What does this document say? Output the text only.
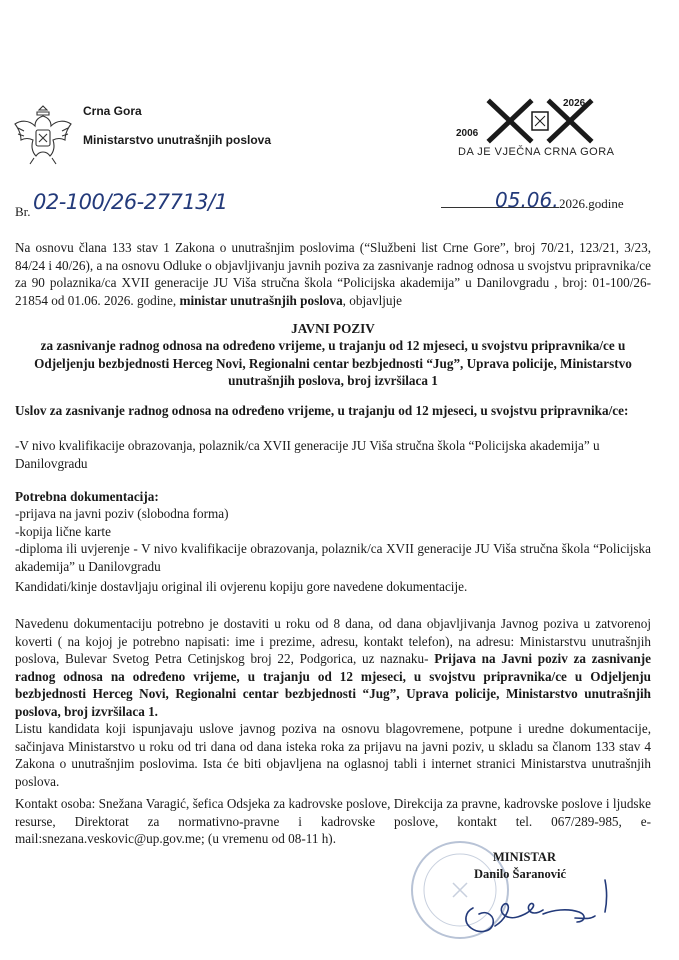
Crna Gora
Ministarstvo unutrašnjih poslova
2026
2006
DA JE VJEČNA CRNA GORA
Br. 02-100/26-27713/1	05.06. 2026.godine
Na osnovu člana 133 stav 1 Zakona o unutrašnjim poslovima (“Službeni list Crne Gore”, broj 70/21, 123/21, 3/23, 84/24 i 40/26), a na osnovu Odluke o objavljivanju javnih poziva za zasnivanje radnog odnosa u svojstvu pripravnika/ce za 90 polaznika/ca XVII generacije JU Viša stručna škola “Policijska akademija” u Danilovgradu , broj: 01-100/26-21854 od 01.06. 2026. godine, ministar unutrašnjih poslova, objavljuje
JAVNI POZIV
za zasnivanje radnog odnosa na određeno vrijeme, u trajanju od 12 mjeseci, u svojstvu pripravnika/ce u Odjeljenju bezbjednosti Herceg Novi, Regionalni centar bezbjednosti “Jug”, Uprava policije, Ministarstvo unutrašnjih poslova, broj izvršilaca 1
Uslov za zasnivanje radnog odnosa na određeno vrijeme, u trajanju od 12 mjeseci, u svojstvu pripravnika/ce:
-V nivo kvalifikacije obrazovanja, polaznik/ca XVII generacije JU Viša stručna škola “Policijska akademija” u Danilovgradu
Potrebna dokumentacija:

-prijava na javni poziv (slobodna forma)

-kopija lične karte

-diploma ili uvjerenje - V nivo kvalifikacije obrazovanja, polaznik/ca XVII generacije JU Viša stručna škola “Policijska akademija” u Danilovgradu

Kandidati/kinje dostavljaju original ili ovjerenu kopiju gore navedene dokumentacije.
Navedenu dokumentaciju potrebno je dostaviti u roku od 8 dana, od dana objavljivanja Javnog poziva u zatvorenoj koverti ( na kojoj je potrebno napisati: ime i prezime, adresu, kontakt telefon), na adresu: Ministarstvu unutrašnjih poslova, Bulevar Svetog Petra Cetinjskog broj 22, Podgorica, uz naznaku- Prijava na Javni poziv za zasnivanje radnog odnosa na određeno vrijeme, u trajanju od 12 mjeseci, u svojstvu pripravnika/ce u Odjeljenju bezbjednosti Herceg Novi, Regionalni centar bezbjednosti “Jug”, Uprava policije, Ministarstvo unutrašnjih poslova, broj izvršilaca 1.
Listu kandidata koji ispunjavaju uslove javnog poziva na osnovu blagovremene, potpune i uredne dokumentacije, sačinjava Ministarstvo u roku od tri dana od dana isteka roka za prijavu na javni poziv, u skladu sa članom 133 stav 4 Zakona o unutrašnjim poslovima. Ista će biti objavljena na oglasnoj tabli i internet stranici Ministarstva unutrašnjih poslova.
Kontakt osoba: Snežana Varagić, šefica Odsjeka za kadrovske poslove, Direkcija za pravne, kadrovske poslove i ljudske resurse, Direktorat za normativno-pravne i kadrovske poslove, kontakt tel. 067/289-985, e-mail:snezana.veskovic@up.gov.me; (u vremenu od 08-11 h).
MINISTAR
Danilo Šaranović
